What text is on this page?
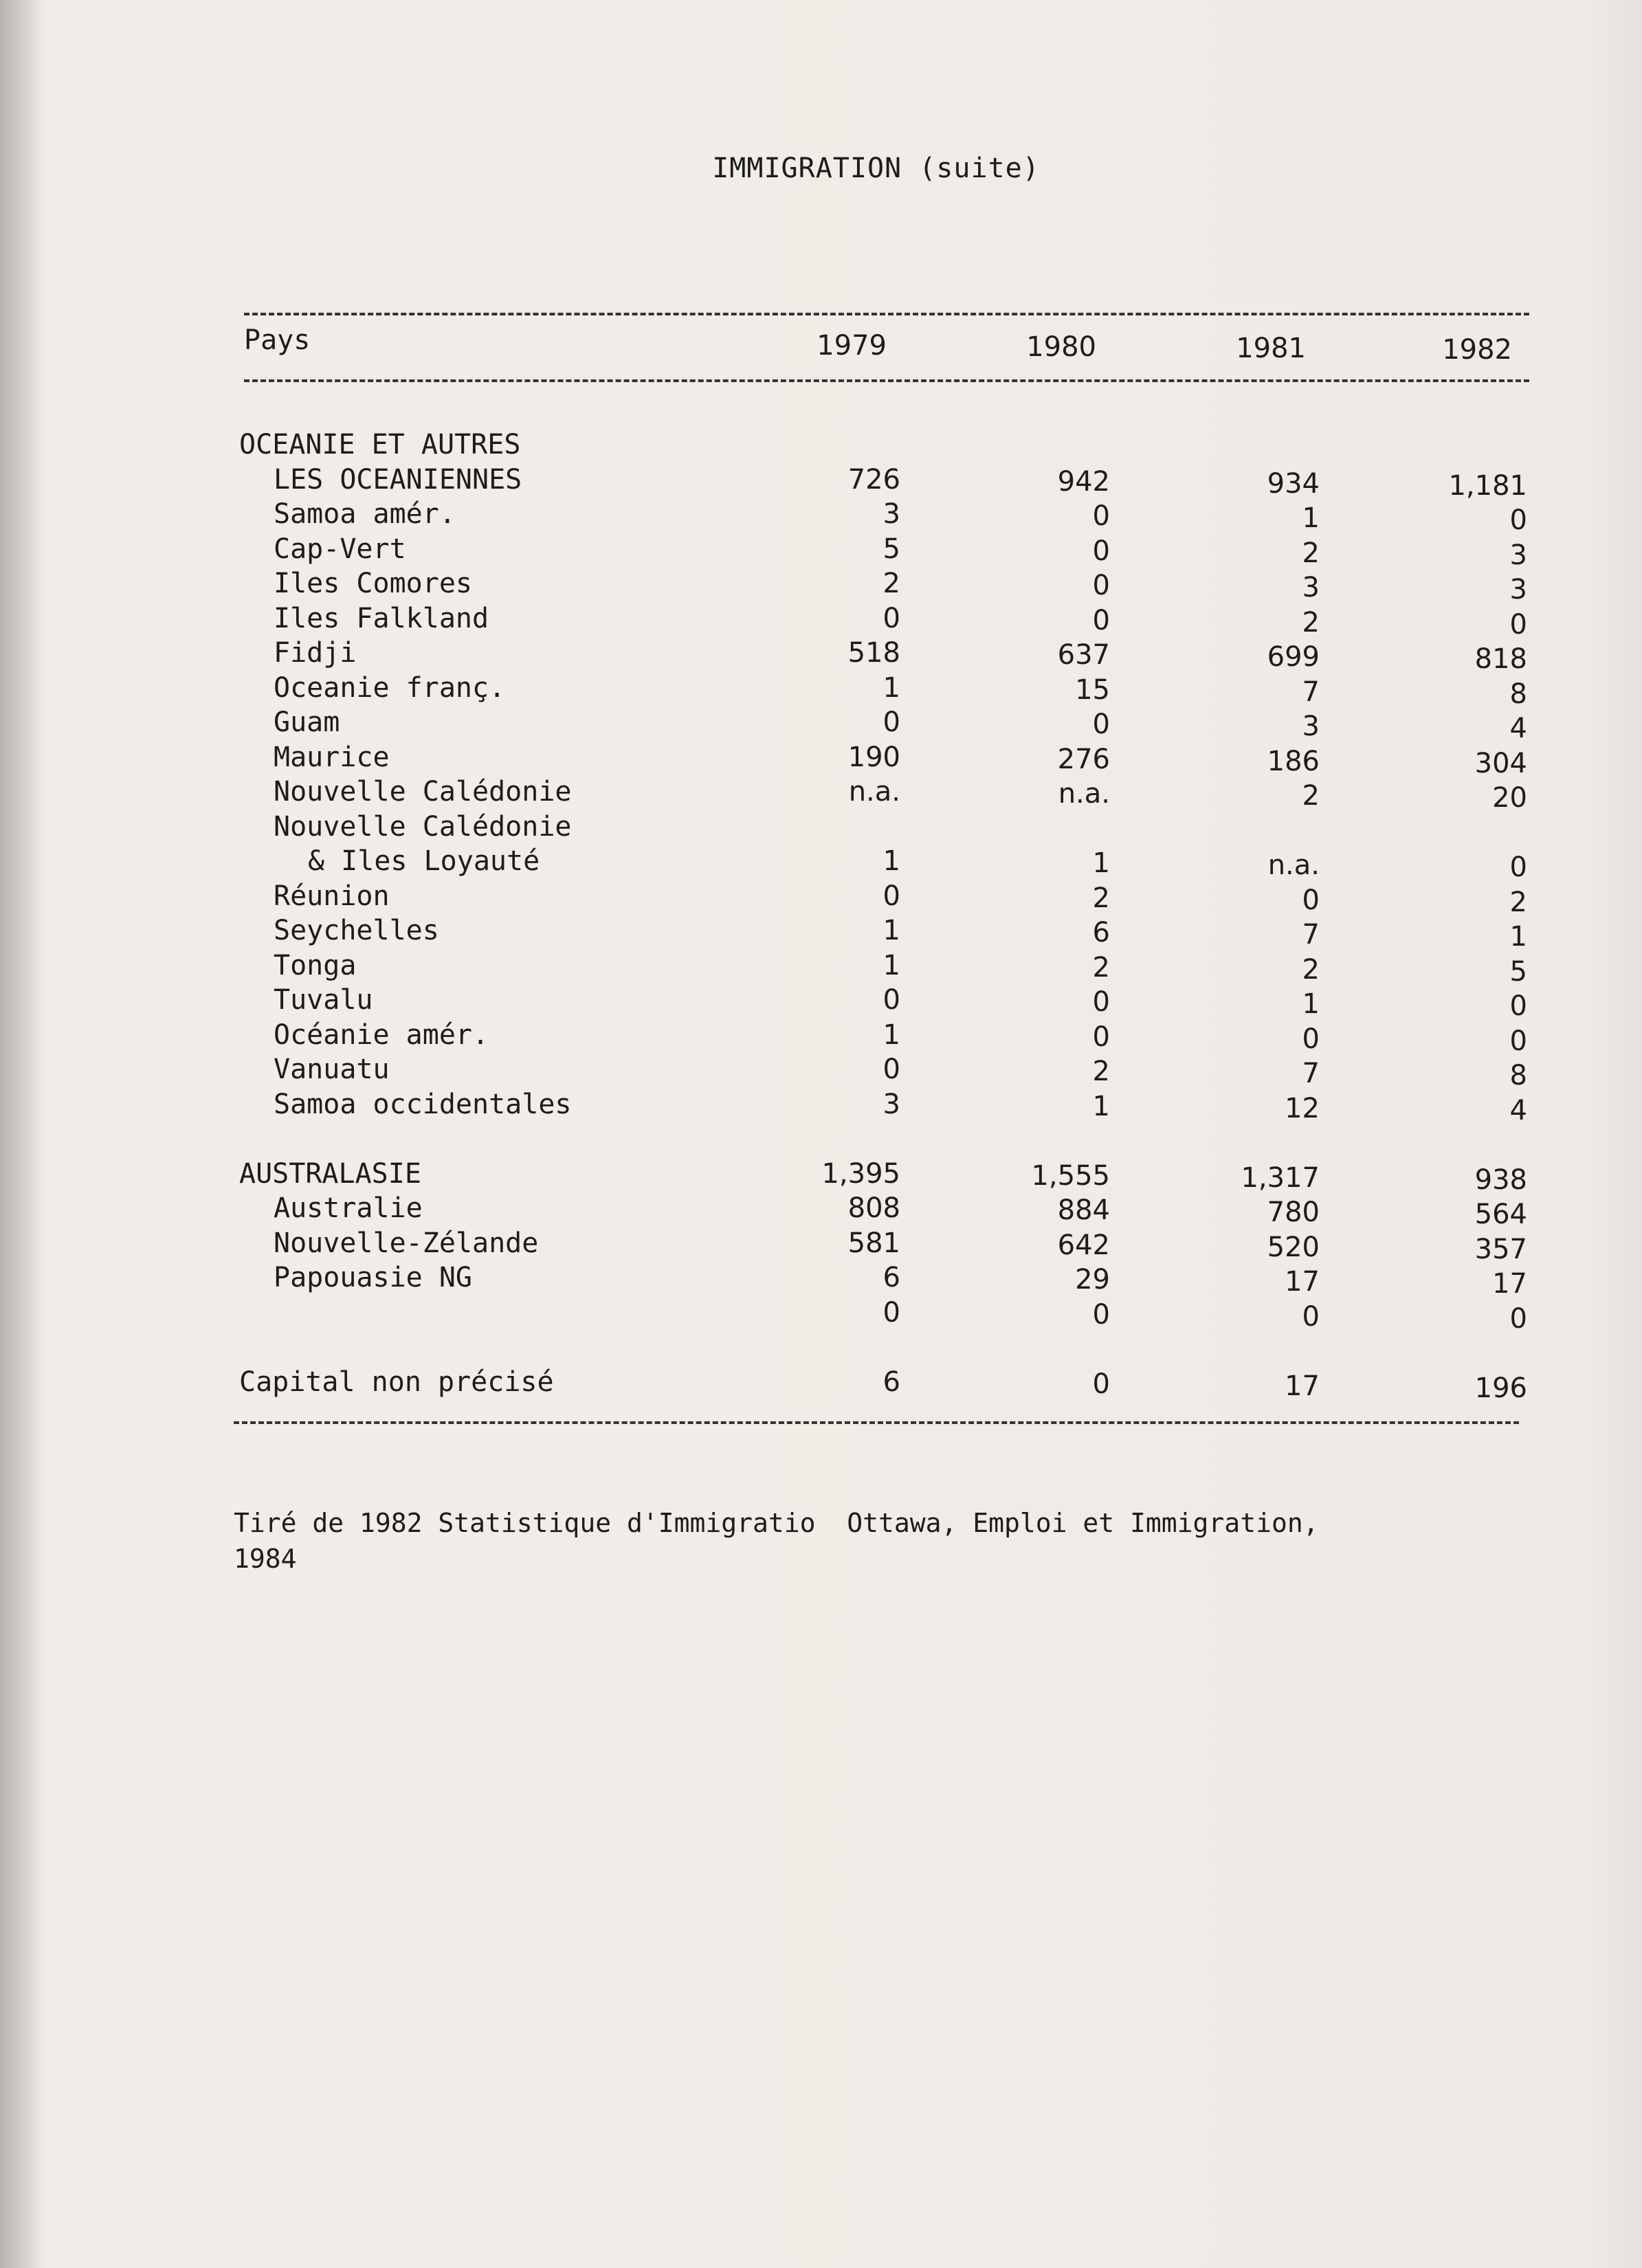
IMMIGRATION (suite)
Pays	1979	1980	1981	1982
OCEANIE ET AUTRES
LES OCEANIENNES	726	942	934	1,181
Samoa amér.	3	0	1	0
Cap-Vert	5	0	2	3
Iles Comores	2	0	3	3
Iles Falkland	0	0	2	0
Fidji	518	637	699	818
Oceanie franç.	1	15	7	8
Guam	0	0	3	4
Maurice	190	276	186	304
Nouvelle Calédonie	n.a.	n.a.	2	20
Nouvelle Calédonie
& Iles Loyauté	1	1	n.a.	0
Réunion	0	2	0	2
Seychelles	1	6	7	1
Tonga	1	2	2	5
Tuvalu	0	0	1	0
Océanie amér.	1	0	0	0
Vanuatu	0	2	7	8
Samoa occidentales	3	1	12	4
AUSTRALASIE	1,395	1,555	1,317	938
Australie	808	884	780	564
Nouvelle-Zélande	581	642	520	357
Papouasie NG	6	29	17	17
0	0	0	0
Capital non précisé	6	0	17	196
Tiré de 1982 Statistique d'Immigratio  Ottawa, Emploi et Immigration,
1984
